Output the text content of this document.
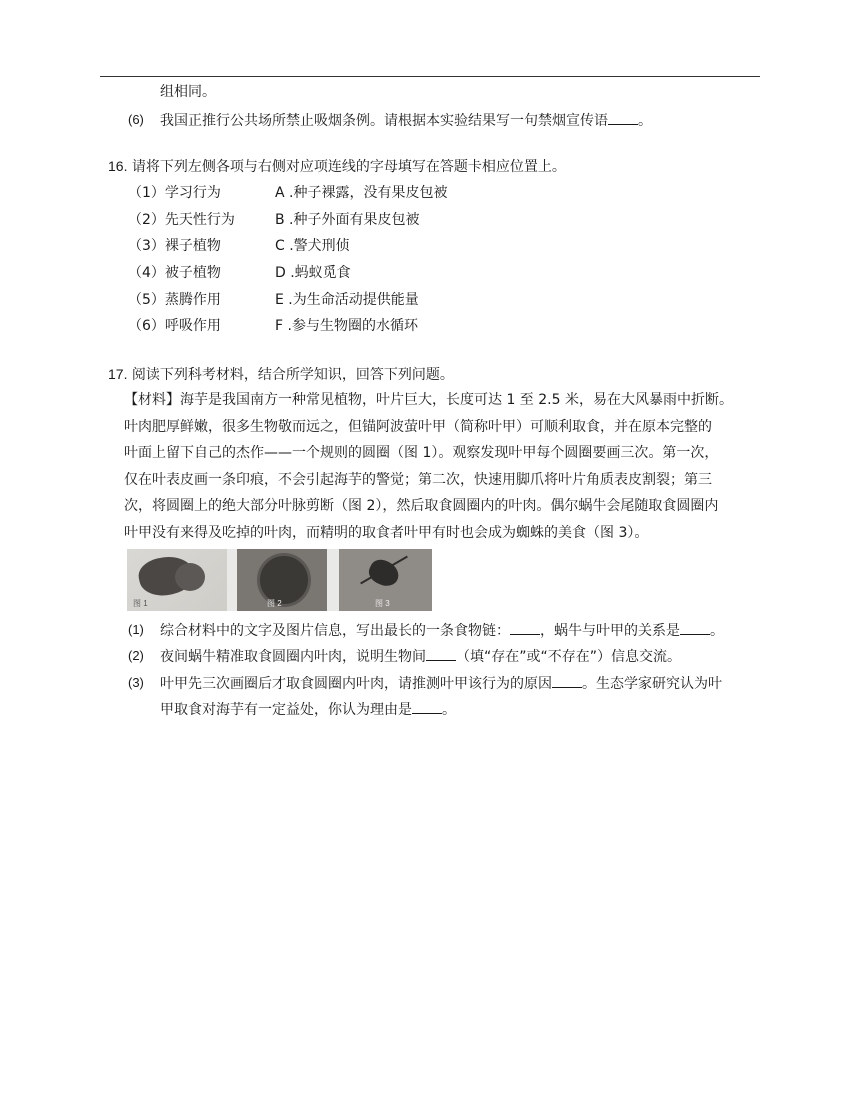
组相同。
(6) 我国正推行公共场所禁止吸烟条例。请根据本实验结果写一句禁烟宣传语 。
16. 请将下列左侧各项与右侧对应项连线的字母填写在答题卡相应位置上。
（1）学习行为	A .种子裸露，没有果皮包被
（2）先天性行为	B .种子外面有果皮包被
（3）裸子植物	C .警犬刑侦
（4）被子植物	D .蚂蚁觅食
（5）蒸腾作用	E .为生命活动提供能量
（6）呼吸作用	F .参与生物圈的水循环
17. 阅读下列科考材料，结合所学知识，回答下列问题。
【材料】海芋是我国南方一种常见植物，叶片巨大，长度可达 1 至 2.5 米，易在大风暴雨中折断。
叶肉肥厚鲜嫩，很多生物敬而远之，但锚阿波萤叶甲（简称叶甲）可顺利取食，并在原本完整的
叶面上留下自己的杰作——一个规则的圆圈（图 1）。观察发现叶甲每个圆圈要画三次。第一次，
仅在叶表皮画一条印痕，不会引起海芋的警觉；第二次，快速用脚爪将叶片角质表皮割裂；第三
次，将圆圈上的绝大部分叶脉剪断（图 2），然后取食圆圈内的叶肉。偶尔蜗牛会尾随取食圆圈内
叶甲没有来得及吃掉的叶肉，而精明的取食者叶甲有时也会成为蜘蛛的美食（图 3）。
图 1	图 2	图 3
(1) 综合材料中的文字及图片信息，写出最长的一条食物链： ，蜗牛与叶甲的关系是 。
(2) 夜间蜗牛精准取食圆圈内叶肉，说明生物间 （填“存在”或“不存在”）信息交流。
(3) 叶甲先三次画圈后才取食圆圈内叶肉，请推测叶甲该行为的原因 。生态学家研究认为叶
甲取食对海芋有一定益处，你认为理由是 。
